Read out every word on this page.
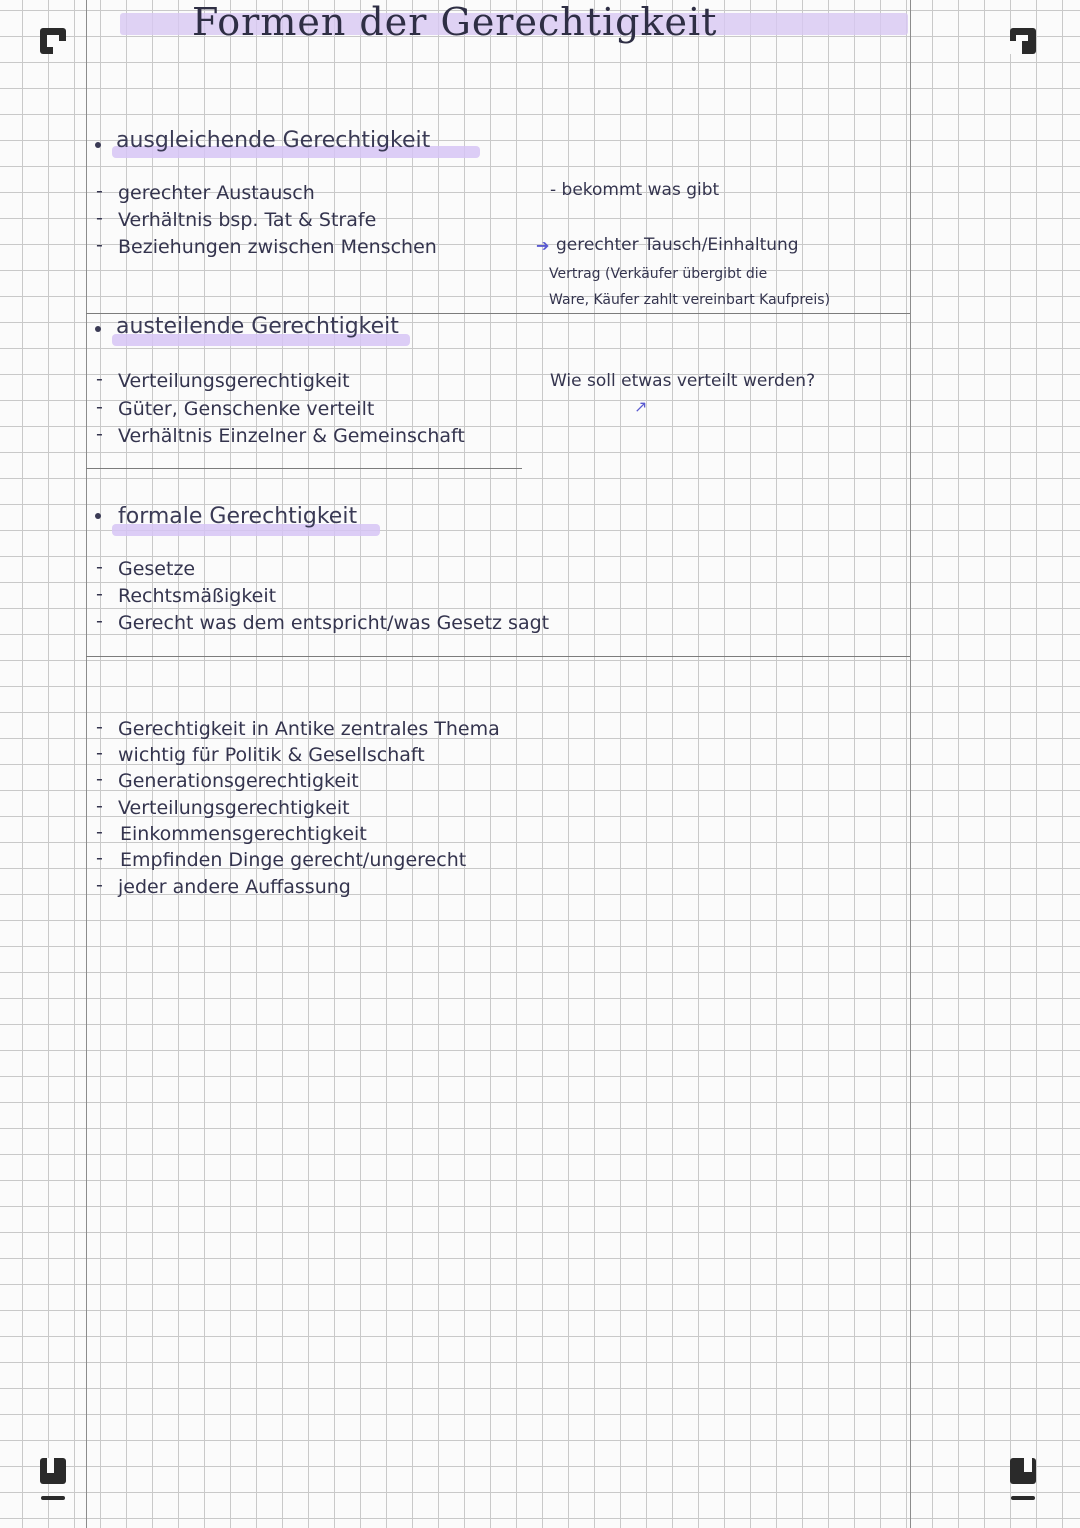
Formen der Gerechtigkeit
ausgleichende Gerechtigkeit
- gerechter Austausch
- Verhältnis bsp. Tat & Strafe
- Beziehungen zwischen Menschen
- bekommt was gibt
➔ gerechter Tausch/Einhaltung
Vertrag (Verkäufer übergibt die
Ware, Käufer zahlt vereinbart Kaufpreis)
austeilende Gerechtigkeit
- Verteilungsgerechtigkeit
- Güter, Genschenke verteilt
- Verhältnis Einzelner & Gemeinschaft
Wie soll etwas verteilt werden?
↗
formale Gerechtigkeit
- Gesetze
- Rechtsmäßigkeit
- Gerecht was dem entspricht/was Gesetz sagt
- Gerechtigkeit in Antike zentrales Thema
- wichtig für Politik & Gesellschaft
- Generationsgerechtigkeit
- Verteilungsgerechtigkeit
- Einkommensgerechtigkeit
- Empfinden Dinge gerecht/ungerecht
- jeder andere Auffassung
